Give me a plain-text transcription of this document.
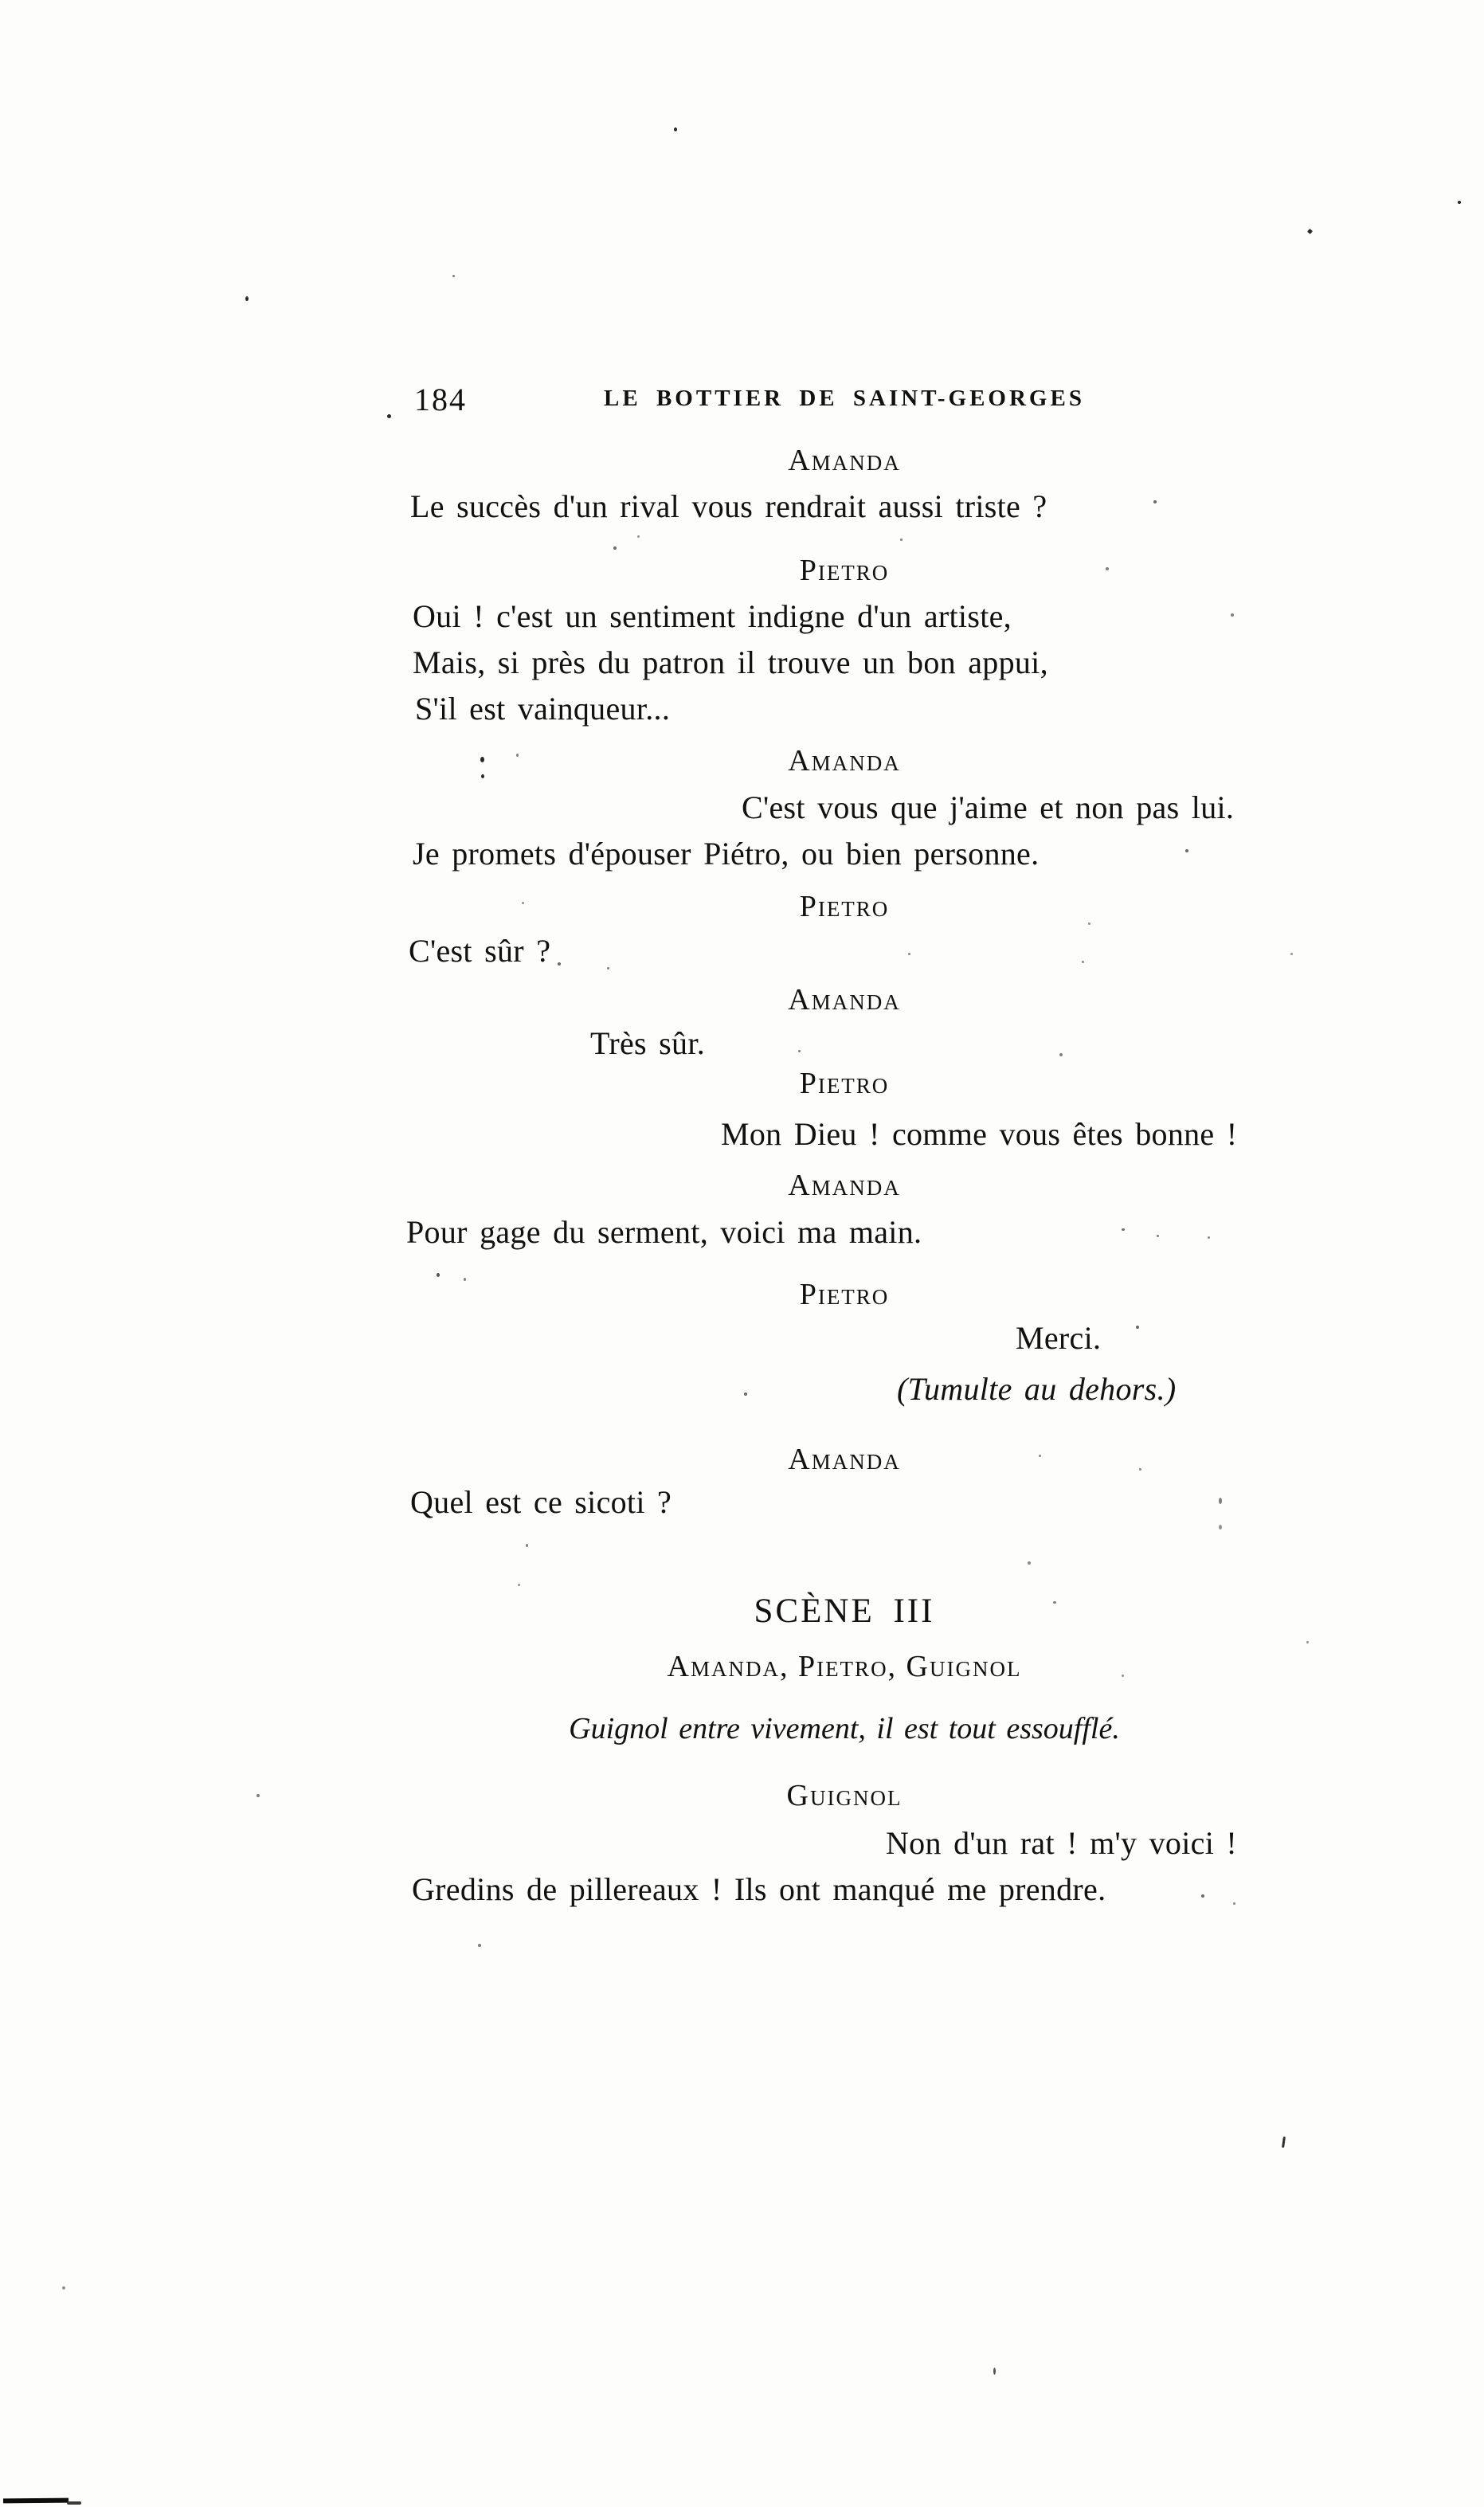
184	LE BOTTIER DE SAINT-GEORGES
Amanda
Le succès d'un rival vous rendrait aussi triste ?
Pietro
Oui ! c'est un sentiment indigne d'un artiste,
Mais, si près du patron il trouve un bon appui,
S'il est vainqueur...
Amanda
C'est vous que j'aime et non pas lui.
Je promets d'épouser Piétro, ou bien personne.
Pietro
C'est sûr ?
Amanda
Très sûr.
Pietro
Mon Dieu ! comme vous êtes bonne !
Amanda
Pour gage du serment, voici ma main.
Pietro
Merci.
(Tumulte au dehors.)
Amanda
Quel est ce sicoti ?
SCÈNE III
Amanda, Pietro, Guignol
Guignol entre vivement, il est tout essoufflé.
Guignol
Non d'un rat ! m'y voici !
Gredins de pillereaux ! Ils ont manqué me prendre.
